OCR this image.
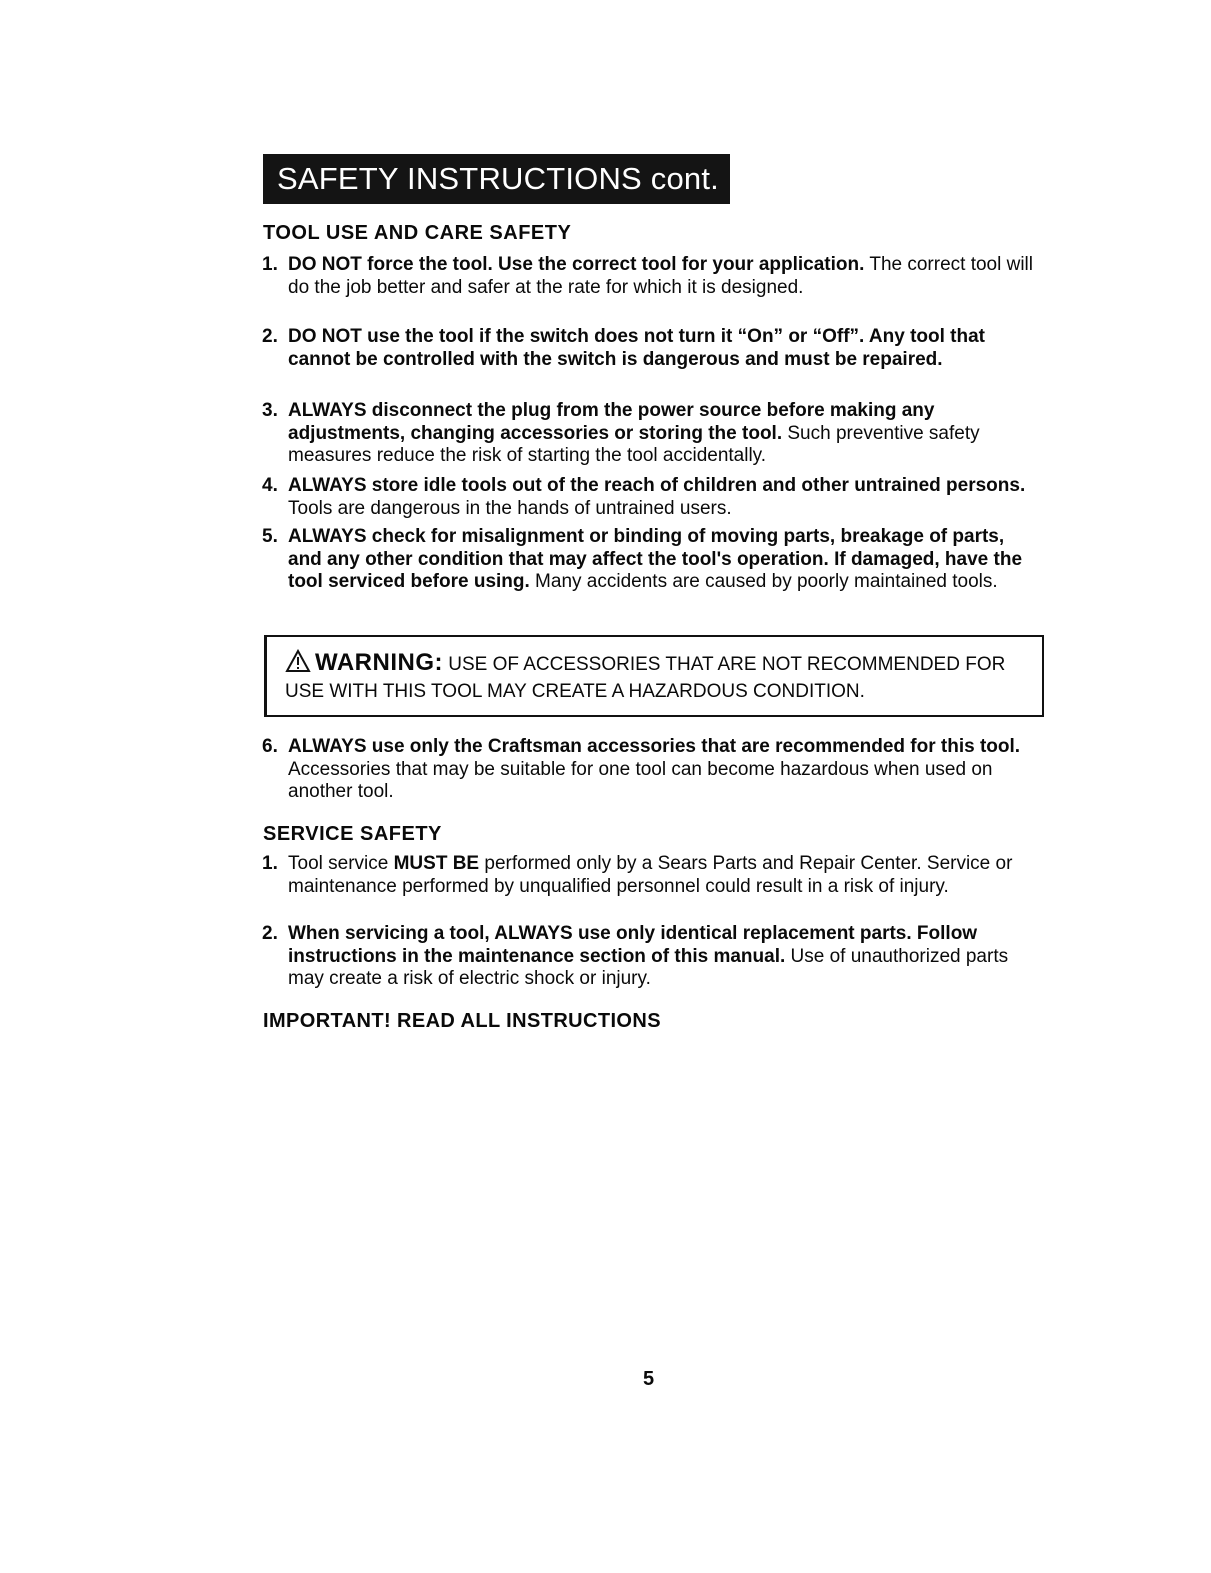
SAFETY INSTRUCTIONS cont.
TOOL USE AND CARE SAFETY
1. DO NOT force the tool. Use the correct tool for your application. The correct tool will do the job better and safer at the rate for which it is designed.
2. DO NOT use the tool if the switch does not turn it “On” or “Off”. Any tool that cannot be controlled with the switch is dangerous and must be repaired.
3. ALWAYS disconnect the plug from the power source before making any adjustments, changing accessories or storing the tool. Such preventive safety measures reduce the risk of starting the tool accidentally.
4. ALWAYS store idle tools out of the reach of children and other untrained persons. Tools are dangerous in the hands of untrained users.
5. ALWAYS check for misalignment or binding of moving parts, breakage of parts, and any other condition that may affect the tool's operation. If damaged, have the tool serviced before using. Many accidents are caused by poorly maintained tools.
WARNING: USE OF ACCESSORIES THAT ARE NOT RECOMMENDED FOR USE WITH THIS TOOL MAY CREATE A HAZARDOUS CONDITION.
6. ALWAYS use only the Craftsman accessories that are recommended for this tool. Accessories that may be suitable for one tool can become hazardous when used on another tool.
SERVICE SAFETY
1. Tool service MUST BE performed only by a Sears Parts and Repair Center. Service or maintenance performed by unqualified personnel could result in a risk of injury.
2. When servicing a tool, ALWAYS use only identical replacement parts. Follow instructions in the maintenance section of this manual. Use of unauthorized parts may create a risk of electric shock or injury.
IMPORTANT! READ ALL INSTRUCTIONS
5
